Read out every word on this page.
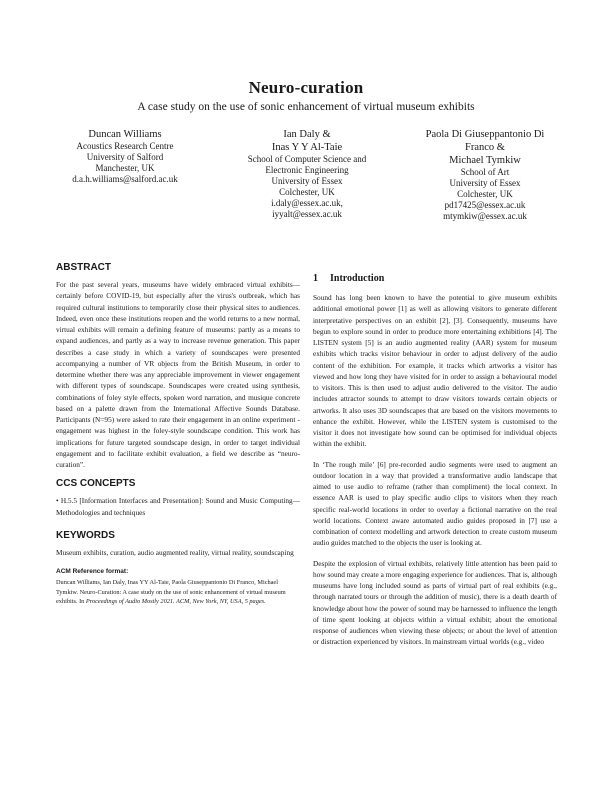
Neuro-curation
A case study on the use of sonic enhancement of virtual museum exhibits
Duncan Williams
Acoustics Research Centre
University of Salford
Manchester, UK
d.a.h.williams@salford.ac.uk
Ian Daly &
Inas Y Y Al-Taie
School of Computer Science and
Electronic Engineering
University of Essex
Colchester, UK
i.daly@essex.ac.uk,
iyyalt@essex.ac.uk
Paola Di Giuseppantonio Di
Franco &
Michael Tymkiw
School of Art
University of Essex
Colchester, UK
pd17425@essex.ac.uk
mtymkiw@essex.ac.uk
ABSTRACT

For the past several years, museums have widely embraced virtual exhibits—certainly before COVID-19, but especially after the virus's outbreak, which has required cultural institutions to temporarily close their physical sites to audiences. Indeed, even once these institutions reopen and the world returns to a new normal, virtual exhibits will remain a defining feature of museums: partly as a means to expand audiences, and partly as a way to increase revenue generation. This paper describes a case study in which a variety of soundscapes were presented accompanying a number of VR objects from the British Museum, in order to determine whether there was any appreciable improvement in viewer engagement with different types of soundscape. Soundscapes were created using synthesis, combinations of foley style effects, spoken word narration, and musique concrete based on a palette drawn from the International Affective Sounds Database. Participants (N=95) were asked to rate their engagement in an online experiment - engagement was highest in the foley-style soundscape condition. This work has implications for future targeted soundscape design, in order to target individual engagement and to facilitate exhibit evaluation, a field we describe as “neuro-curation”.

CCS CONCEPTS

• H.5.5 [Information Interfaces and Presentation]: Sound and Music Computing—Methodologies and techniques

KEYWORDS

Museum exhibits, curation, audio augmented reality, virtual reality, soundscaping

ACM Reference format:

Duncan Williams, Ian Daly, Inas YY Al-Taie, Paola Giuseppantonio Di Franco, Michael Tymkiw. Neuro-Curation: A case study on the use of sonic enhancement of virtual museum exhibits. In Proceedings of Audio Mostly 2021. ACM, New York, NY, USA, 5 pages.

1 Introduction

Sound has long been known to have the potential to give museum exhibits additional emotional power [1] as well as allowing visitors to generate different interpretative perspectives on an exhibit [2], [3]. Consequently, museums have begun to explore sound in order to produce more entertaining exhibitions [4]. The LISTEN system [5] is an audio augmented reality (AAR) system for museum exhibits which tracks visitor behaviour in order to adjust delivery of the audio content of the exhibition. For example, it tracks which artworks a visitor has viewed and how long they have visited for in order to assign a behavioural model to visitors. This is then used to adjust audio delivered to the visitor. The audio includes attractor sounds to attempt to draw visitors towards certain objects or artworks. It also uses 3D soundscapes that are based on the visitors movements to enhance the exhibit. However, while the LISTEN system is customised to the visitor it does not investigate how sound can be optimised for individual objects within the exhibit.

In ‘The rough mile’ [6] pre-recorded audio segments were used to augment an outdoor location in a way that provided a transformative audio landscape that aimed to use audio to reframe (rather than compliment) the local context. In essence AAR is used to play specific audio clips to visitors when they reach specific real-world locations in order to overlay a fictional narrative on the real world locations. Context aware automated audio guides proposed in [7] use a combination of context modelling and artwork detection to create custom museum audio guides matched to the objects the user is looking at.

Despite the explosion of virtual exhibits, relatively little attention has been paid to how sound may create a more engaging experience for audiences. That is, although museums have long included sound as parts of virtual part of real exhibits (e.g., through narrated tours or through the addition of music), there is a death dearth of knowledge about how the power of sound may be harnessed to influence the length of time spent looking at objects within a virtual exhibit; about the emotional response of audiences when viewing these objects; or about the level of attention or distraction experienced by visitors. In mainstream virtual worlds (e.g., video
